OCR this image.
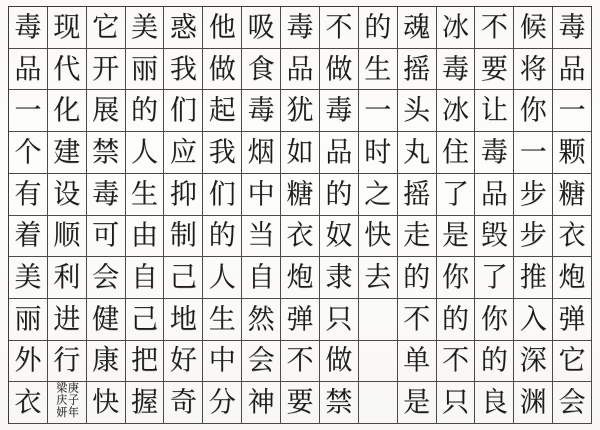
毒 现 它 美 惑 他 吸 毒 不 的 魂 冰 不 候 毒
品 代 开 丽 我 做 食 品 做 生 摇 毒 要 将 品
一 化 展 的 们 起 毒 犹 毒 一 头 冰 让 你 一
个 建 禁 人 应 我 烟 如 品 时 丸 住 毒 一 颗
有 设 毒 生 抑 们 中 糖 的 之 摇 了 品 步 糖
着 顺 可 由 制 的 当 衣 奴 快 走 是 毁 步 衣
美 利 会 自 己 人 自 炮 隶 去 的 你 了 推 炮
丽 进 健 己 地 生 然 弹 只 不 的 你 入 弹
外 行 康 把 好 中 会 不 做 单 不 的 深 它
衣	庚子年梁庆妍 快 握 奇 分 神 要 禁 是 只 良 渊 会
